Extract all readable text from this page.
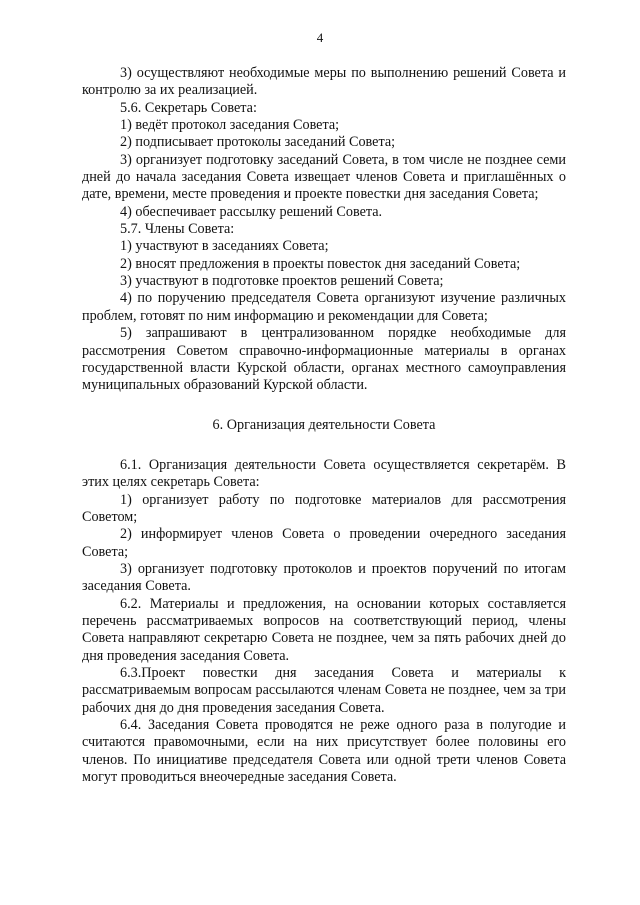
4

3) осуществляют необходимые меры по выполнению решений Совета и контролю за их реализацией.

5.6. Секретарь Совета:

1) ведёт протокол заседания Совета;

2) подписывает протоколы заседаний Совета;

3) организует подготовку заседаний Совета, в том числе не позднее семи дней до начала заседания Совета извещает членов Совета и приглашённых о дате, времени, месте проведения и проекте повестки дня заседания Совета;

4) обеспечивает рассылку решений Совета.

5.7. Члены Совета:

1) участвуют в заседаниях Совета;

2) вносят предложения в проекты повесток дня заседаний Совета;

3) участвуют в подготовке проектов решений Совета;

4) по поручению председателя Совета организуют изучение различных проблем, готовят по ним информацию и рекомендации для Совета;

5) запрашивают в централизованном порядке необходимые для рассмотрения Советом справочно-информационные материалы в органах государственной власти Курской области, органах местного самоуправления муниципальных образований Курской области.

6. Организация деятельности Совета

6.1. Организация деятельности Совета осуществляется секретарём. В этих целях секретарь Совета:

1) организует работу по подготовке материалов для рассмотрения Советом;

2) информирует членов Совета о проведении очередного заседания Совета;

3) организует подготовку протоколов и проектов поручений по итогам заседания Совета.

6.2. Материалы и предложения, на основании которых составляется перечень рассматриваемых вопросов на соответствующий период, члены Совета направляют секретарю Совета не позднее, чем за пять рабочих дней до дня проведения заседания Совета.

6.3.Проект повестки дня заседания Совета и материалы к рассматриваемым вопросам рассылаются членам Совета не позднее, чем за три рабочих дня до дня проведения заседания Совета.

6.4. Заседания Совета проводятся не реже одного раза в полугодие и считаются правомочными, если на них присутствует более половины его членов. По инициативе председателя Совета или одной трети членов Совета могут проводиться внеочередные заседания Совета.
